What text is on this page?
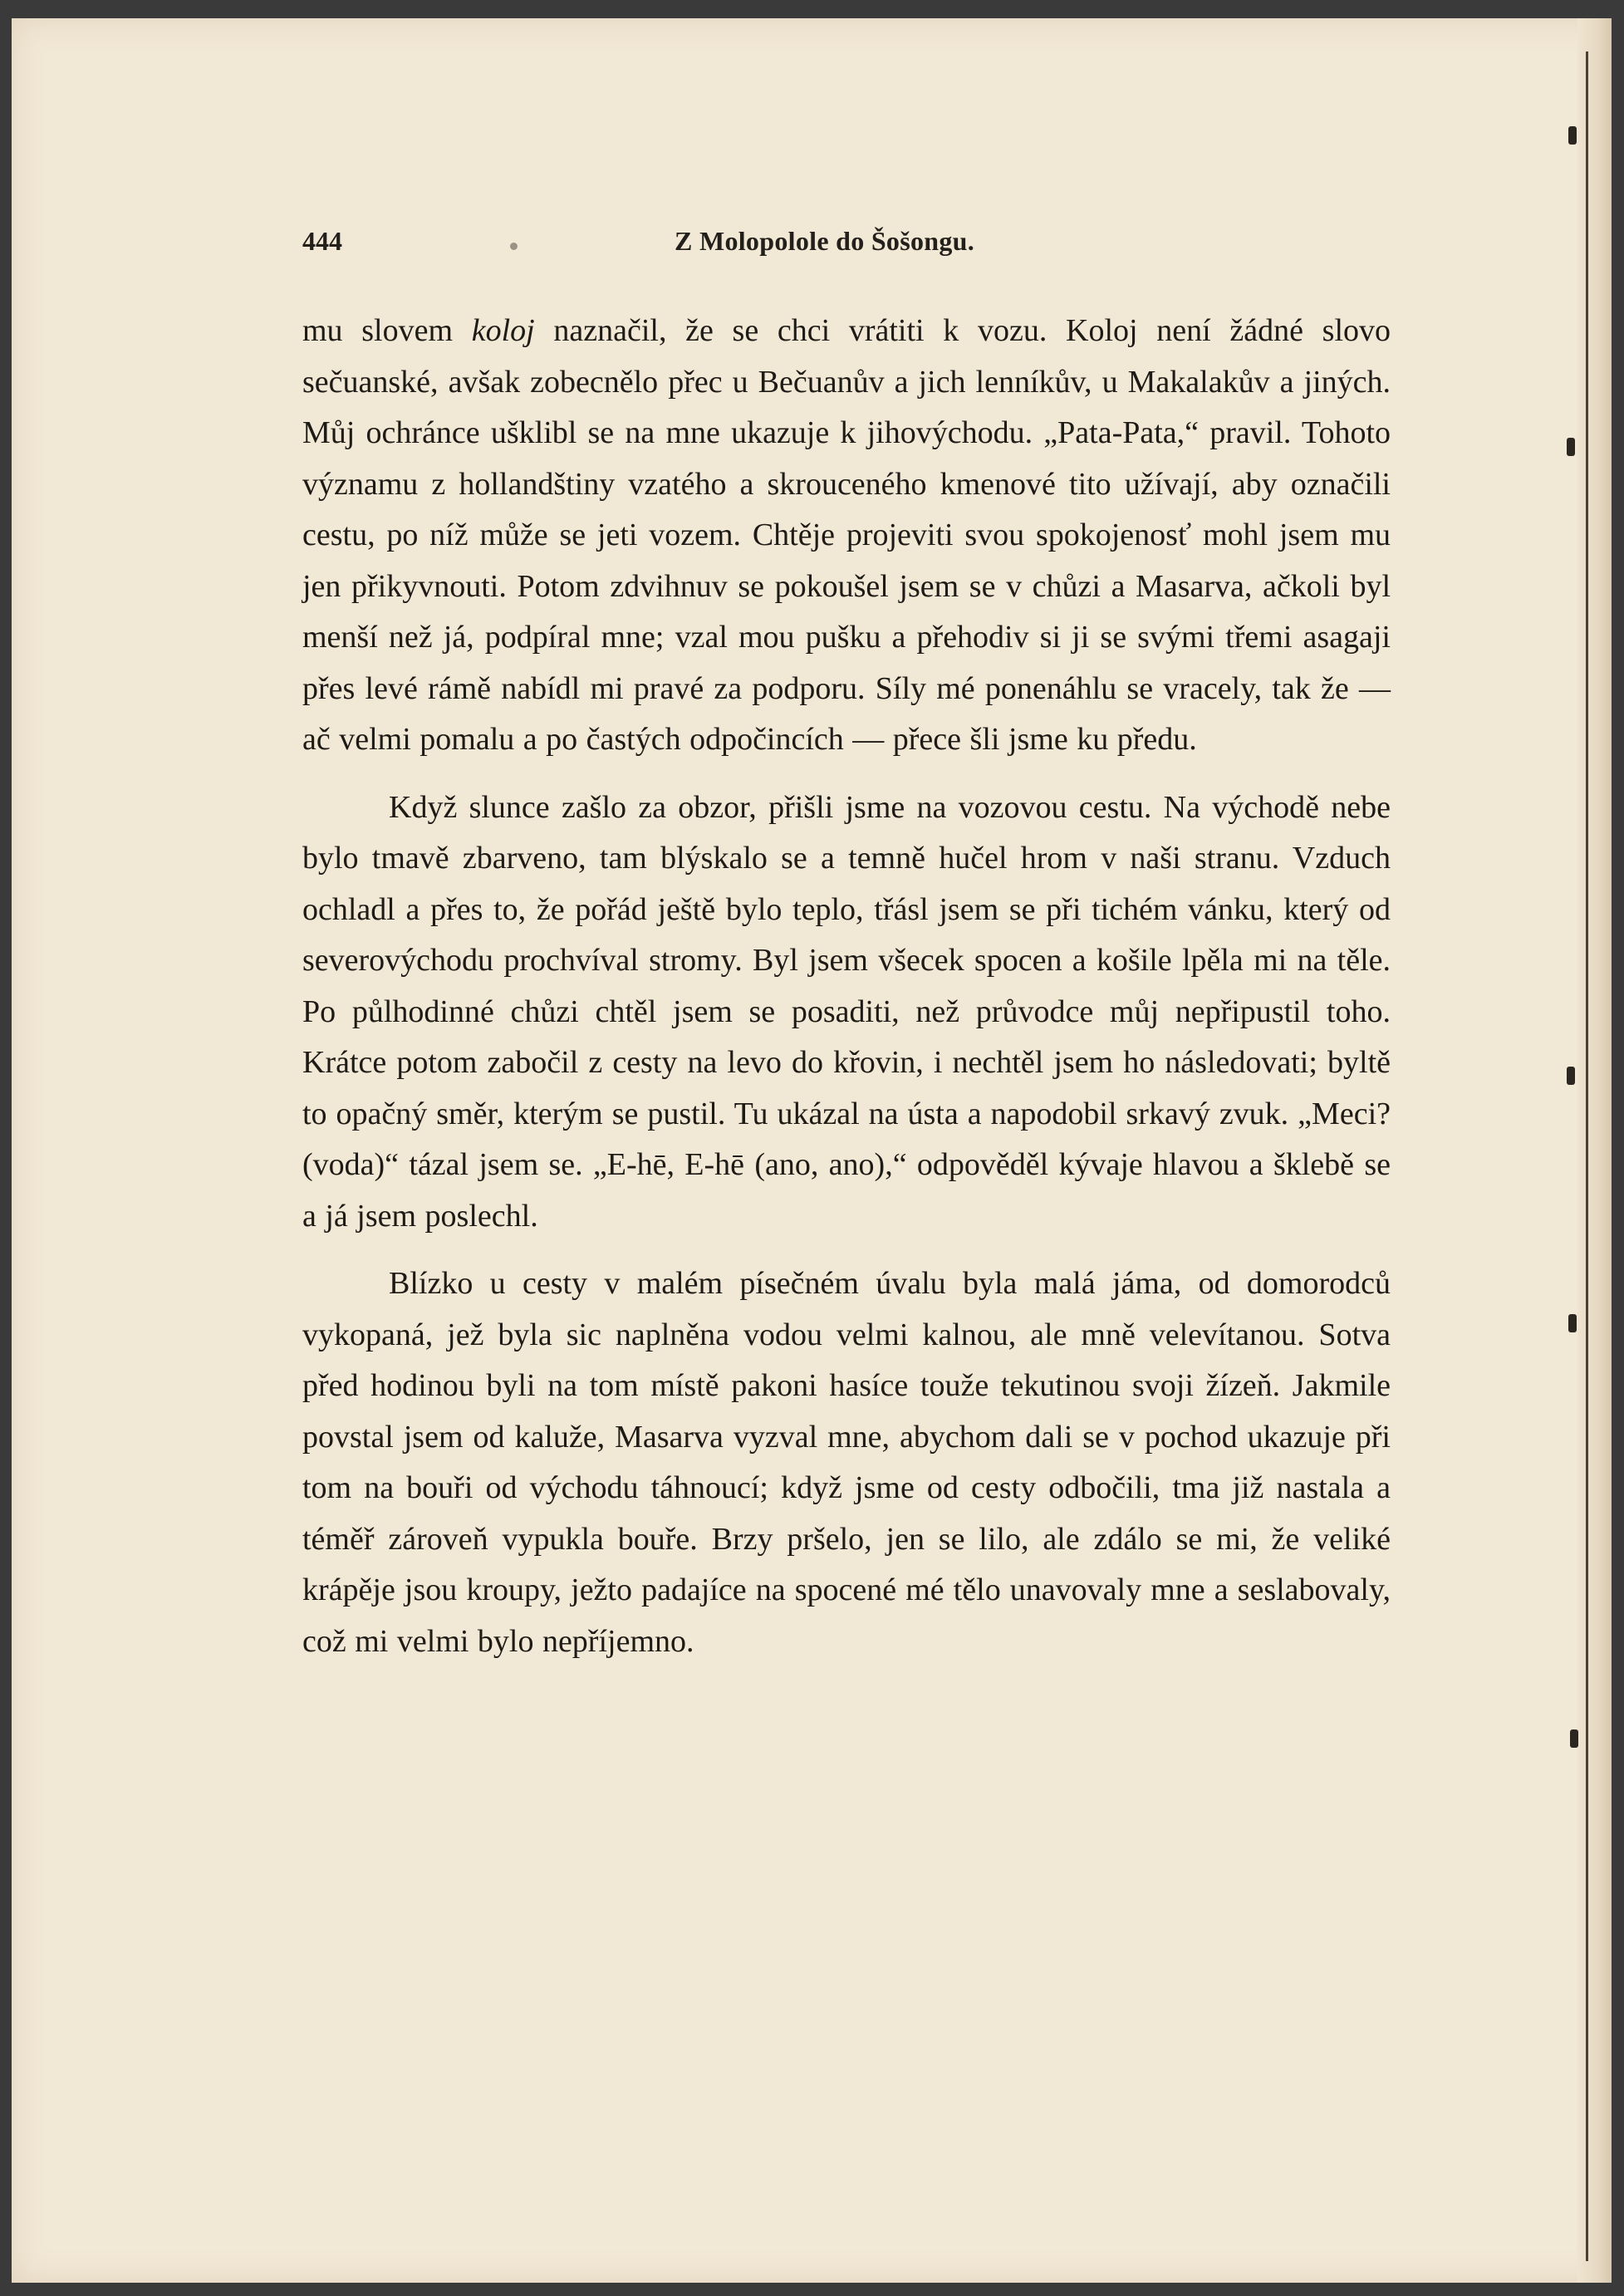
444	Z Molopolole do Šošongu.

mu slovem koloj naznačil, že se chci vrátiti k vozu. Koloj není žádné slovo sečuanské, avšak zobecnělo přec u Bečuanův a jich lenníkův, u Makalakův a jiných. Můj ochránce ušklibl se na mne ukazuje k jihovýchodu. „Pata-Pata,“ pravil. Tohoto významu z hollandštiny vzatého a skrouceného kmenové tito užívají, aby označili cestu, po níž může se jeti vozem. Chtěje projeviti svou spokojenosť mohl jsem mu jen přikyvnouti. Potom zdvihnuv se pokoušel jsem se v chůzi a Masarva, ačkoli byl menší než já, podpíral mne; vzal mou pušku a přehodiv si ji se svými třemi asagaji přes levé rámě nabídl mi pravé za podporu. Síly mé ponenáhlu se vracely, tak že — ač velmi pomalu a po častých odpočincích — přece šli jsme ku předu.

Když slunce zašlo za obzor, přišli jsme na vozovou cestu. Na východě nebe bylo tmavě zbarveno, tam blýskalo se a temně hučel hrom v naši stranu. Vzduch ochladl a přes to, že pořád ještě bylo teplo, třásl jsem se při tichém vánku, který od severovýchodu prochvíval stromy. Byl jsem všecek spocen a košile lpěla mi na těle. Po půlhodinné chůzi chtěl jsem se posaditi, než průvodce můj nepřipustil toho. Krátce potom zabočil z cesty na levo do křovin, i nechtěl jsem ho následovati; byltě to opačný směr, kterým se pustil. Tu ukázal na ústa a napodobil srkavý zvuk. „Meci? (voda)“ tázal jsem se. „E-hē, E-hē (ano, ano),“ odpověděl kývaje hlavou a šklebě se a já jsem poslechl.

Blízko u cesty v malém písečném úvalu byla malá jáma, od domorodců vykopaná, jež byla sic naplněna vodou velmi kalnou, ale mně velevítanou. Sotva před hodinou byli na tom místě pakoni hasíce touže tekutinou svoji žízeň. Jakmile povstal jsem od kaluže, Masarva vyzval mne, abychom dali se v pochod ukazuje při tom na bouři od východu táhnoucí; když jsme od cesty odbočili, tma již nastala a téměř zároveň vypukla bouře. Brzy pršelo, jen se lilo, ale zdálo se mi, že veliké krápěje jsou kroupy, ježto padajíce na spocené mé tělo unavovaly mne a seslabovaly, což mi velmi bylo nepříjemno.
